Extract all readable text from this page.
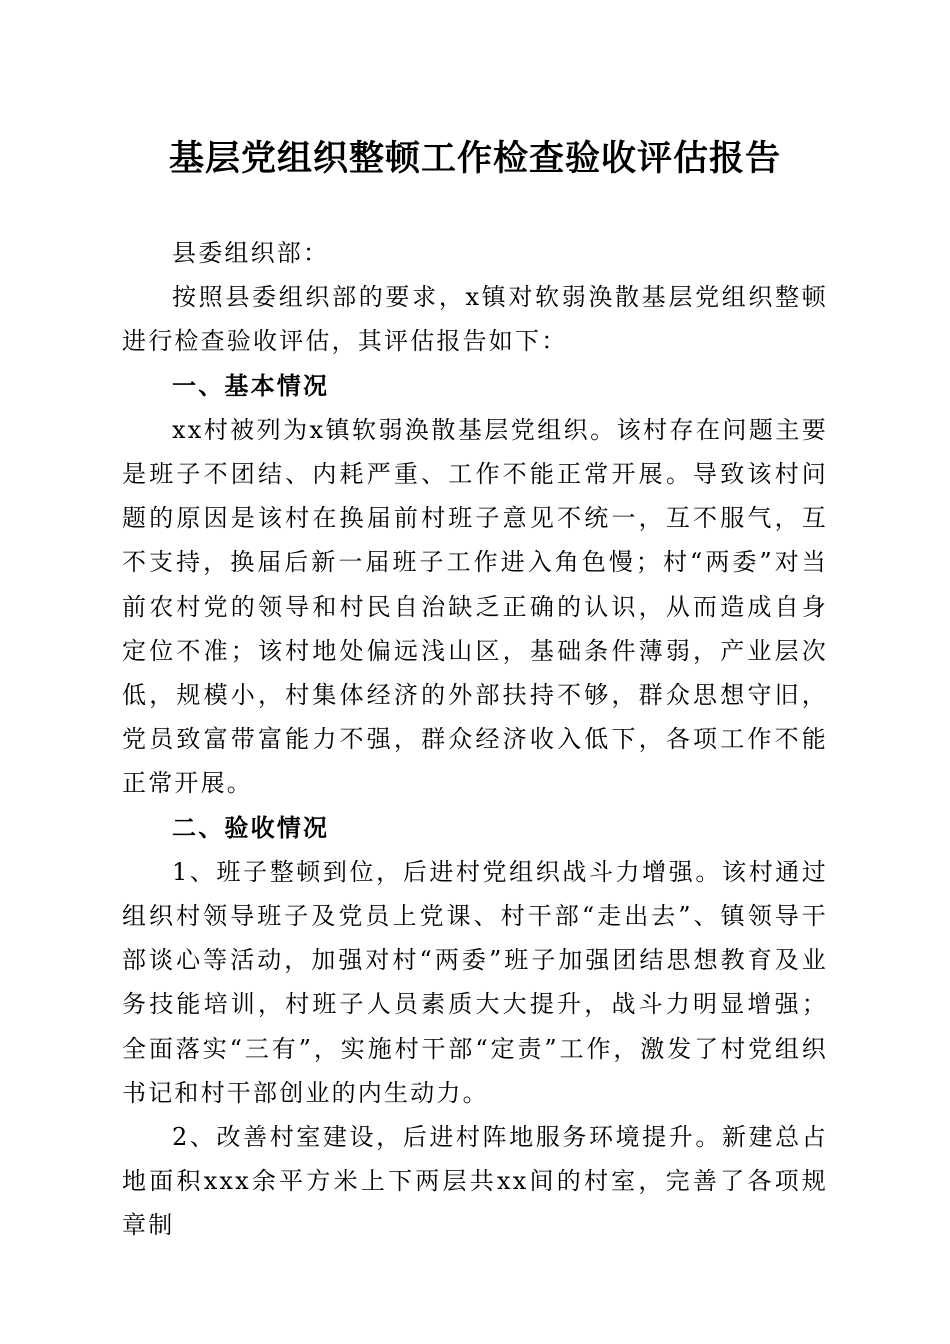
基层党组织整顿工作检查验收评估报告

县委组织部：

按照县委组织部的要求，x镇对软弱涣散基层党组织整顿进行检查验收评估，其评估报告如下：

一、基本情况

xx村被列为x镇软弱涣散基层党组织。该村存在问题主要是班子不团结、内耗严重、工作不能正常开展。导致该村问题的原因是该村在换届前村班子意见不统一，互不服气，互不支持，换届后新一届班子工作进入角色慢；村“两委”对当前农村党的领导和村民自治缺乏正确的认识，从而造成自身定位不准；该村地处偏远浅山区，基础条件薄弱，产业层次低，规模小，村集体经济的外部扶持不够，群众思想守旧，党员致富带富能力不强，群众经济收入低下，各项工作不能正常开展。

二、验收情况

1、班子整顿到位，后进村党组织战斗力增强。该村通过组织村领导班子及党员上党课、村干部“走出去”、镇领导干部谈心等活动，加强对村“两委”班子加强团结思想教育及业务技能培训，村班子人员素质大大提升，战斗力明显增强；全面落实“三有”，实施村干部“定责”工作，激发了村党组织书记和村干部创业的内生动力。

2、改善村室建设，后进村阵地服务环境提升。新建总占地面积xxx余平方米上下两层共xx间的村室，完善了各项规章制
